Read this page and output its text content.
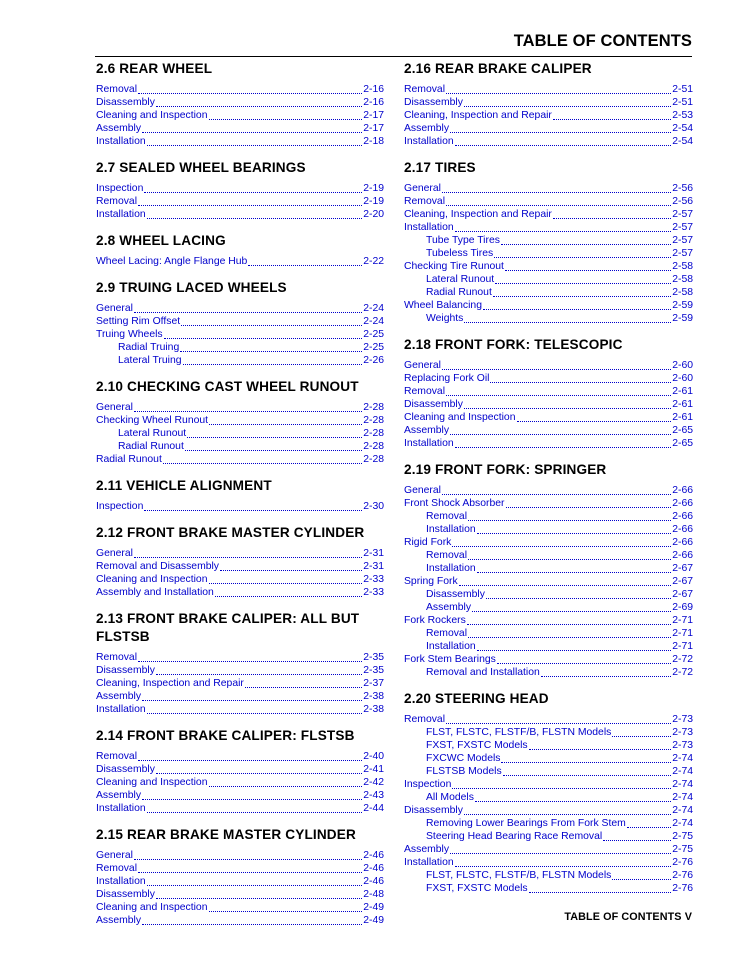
TABLE OF CONTENTS
2.6 REAR WHEEL
Removal	2-16
Disassembly	2-16
Cleaning and Inspection	2-17
Assembly	2-17
Installation	2-18
2.7 SEALED WHEEL BEARINGS
Inspection	2-19
Removal	2-19
Installation	2-20
2.8 WHEEL LACING
Wheel Lacing: Angle Flange Hub	2-22
2.9 TRUING LACED WHEELS
General	2-24
Setting Rim Offset	2-24
Truing Wheels	2-25
Radial Truing	2-25
Lateral Truing	2-26
2.10 CHECKING CAST WHEEL RUNOUT
General	2-28
Checking Wheel Runout	2-28
Lateral Runout	2-28
Radial Runout	2-28
Radial Runout	2-28
2.11 VEHICLE ALIGNMENT
Inspection	2-30
2.12 FRONT BRAKE MASTER CYLINDER
General	2-31
Removal and Disassembly	2-31
Cleaning and Inspection	2-33
Assembly and Installation	2-33
2.13 FRONT BRAKE CALIPER: ALL BUT FLSTSB
Removal	2-35
Disassembly	2-35
Cleaning, Inspection and Repair	2-37
Assembly	2-38
Installation	2-38
2.14 FRONT BRAKE CALIPER: FLSTSB
Removal	2-40
Disassembly	2-41
Cleaning and Inspection	2-42
Assembly	2-43
Installation	2-44
2.15 REAR BRAKE MASTER CYLINDER
General	2-46
Removal	2-46
Installation	2-46
Disassembly	2-48
Cleaning and Inspection	2-49
Assembly	2-49
2.16 REAR BRAKE CALIPER
Removal	2-51
Disassembly	2-51
Cleaning, Inspection and Repair	2-53
Assembly	2-54
Installation	2-54
2.17 TIRES
General	2-56
Removal	2-56
Cleaning, Inspection and Repair	2-57
Installation	2-57
Tube Type Tires	2-57
Tubeless Tires	2-57
Checking Tire Runout	2-58
Lateral Runout	2-58
Radial Runout	2-58
Wheel Balancing	2-59
Weights	2-59
2.18 FRONT FORK: TELESCOPIC
General	2-60
Replacing Fork Oil	2-60
Removal	2-61
Disassembly	2-61
Cleaning and Inspection	2-61
Assembly	2-65
Installation	2-65
2.19 FRONT FORK: SPRINGER
General	2-66
Front Shock Absorber	2-66
Removal	2-66
Installation	2-66
Rigid Fork	2-66
Removal	2-66
Installation	2-67
Spring Fork	2-67
Disassembly	2-67
Assembly	2-69
Fork Rockers	2-71
Removal	2-71
Installation	2-71
Fork Stem Bearings	2-72
Removal and Installation	2-72
2.20 STEERING HEAD
Removal	2-73
FLST, FLSTC, FLSTF/B, FLSTN Models	2-73
FXST, FXSTC Models	2-73
FXCWC Models	2-74
FLSTSB Models	2-74
Inspection	2-74
All Models	2-74
Disassembly	2-74
Removing Lower Bearings From Fork Stem	2-74
Steering Head Bearing Race Removal	2-75
Assembly	2-75
Installation	2-76
FLST, FLSTC, FLSTF/B, FLSTN Models	2-76
FXST, FXSTC Models	2-76
TABLE OF CONTENTS V
